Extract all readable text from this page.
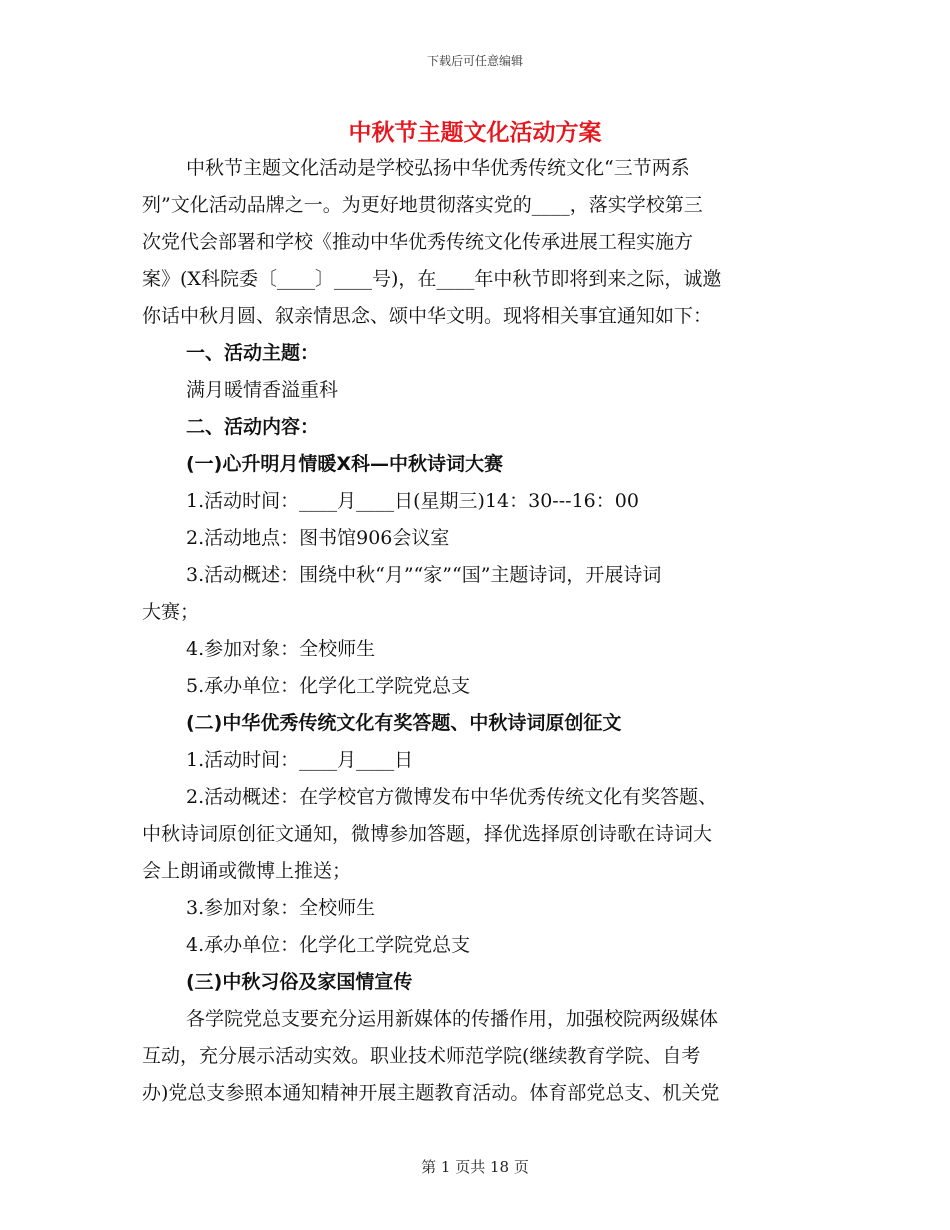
下载后可任意编辑
中秋节主题文化活动方案
中秋节主题文化活动是学校弘扬中华优秀传统文化“三节两系
列”文化活动品牌之一。为更好地贯彻落实党的____，落实学校第三
次党代会部署和学校《推动中华优秀传统文化传承进展工程实施方
案》(X科院委〔____〕____号)，在____年中秋节即将到来之际，诚邀
你话中秋月圆、叙亲情思念、颂中华文明。现将相关事宜通知如下：
一、活动主题：
满月暖情香溢重科
二、活动内容：
(一)心升明月情暖X科—中秋诗词大赛
1.活动时间：____月____日(星期三)14：30---16：00
2.活动地点：图书馆906会议室
3.活动概述：围绕中秋“月”“家”“国”主题诗词，开展诗词
大赛；
4.参加对象：全校师生
5.承办单位：化学化工学院党总支
(二)中华优秀传统文化有奖答题、中秋诗词原创征文
1.活动时间：____月____日
2.活动概述：在学校官方微博发布中华优秀传统文化有奖答题、
中秋诗词原创征文通知，微博参加答题，择优选择原创诗歌在诗词大
会上朗诵或微博上推送；
3.参加对象：全校师生
4.承办单位：化学化工学院党总支
(三)中秋习俗及家国情宣传
各学院党总支要充分运用新媒体的传播作用，加强校院两级媒体
互动，充分展示活动实效。职业技术师范学院(继续教育学院、自考
办)党总支参照本通知精神开展主题教育活动。体育部党总支、机关党
第 1 页共 18 页
